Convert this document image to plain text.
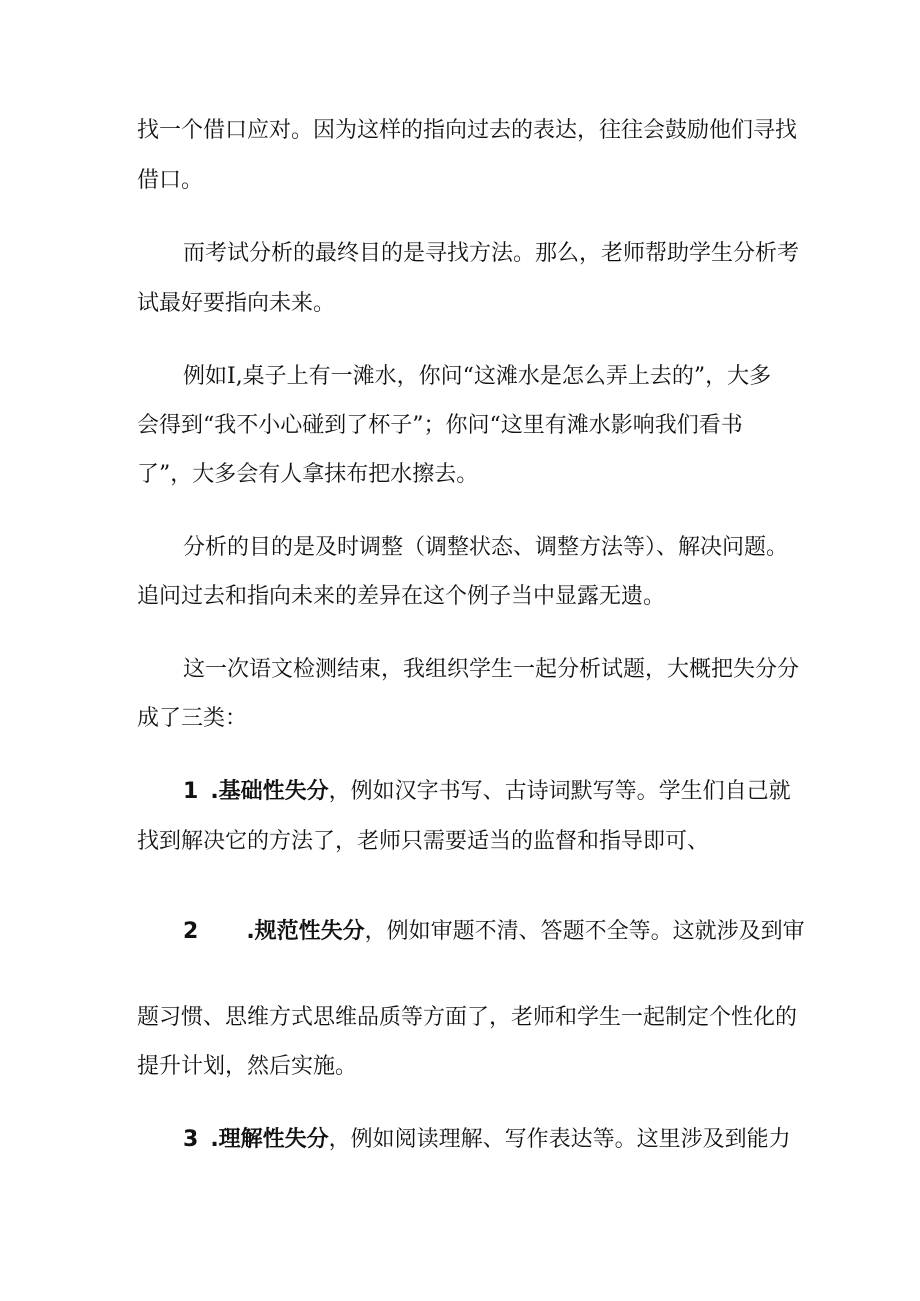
找一个借口应对。因为这样的指向过去的表达，往往会鼓励他们寻找
借口。
而考试分析的最终目的是寻找方法。那么，老师帮助学生分析考
试最好要指向未来。
例如I,桌子上有一滩水，你问“这滩水是怎么弄上去的”，大多
会得到“我不小心碰到了杯子”；你问“这里有滩水影响我们看书
了”，大多会有人拿抹布把水擦去。
分析的目的是及时调整（调整状态、调整方法等）、解决问题。
追问过去和指向未来的差异在这个例子当中显露无遗。
这一次语文检测结束，我组织学生一起分析试题，大概把失分分
成了三类：
1 .基础性失分，例如汉字书写、古诗词默写等。学生们自己就
找到解决它的方法了，老师只需要适当的监督和指导即可、
2 .规范性失分，例如审题不清、答题不全等。这就涉及到审
题习惯、思维方式思维品质等方面了，老师和学生一起制定个性化的
提升计划，然后实施。
3 .理解性失分，例如阅读理解、写作表达等。这里涉及到能力
